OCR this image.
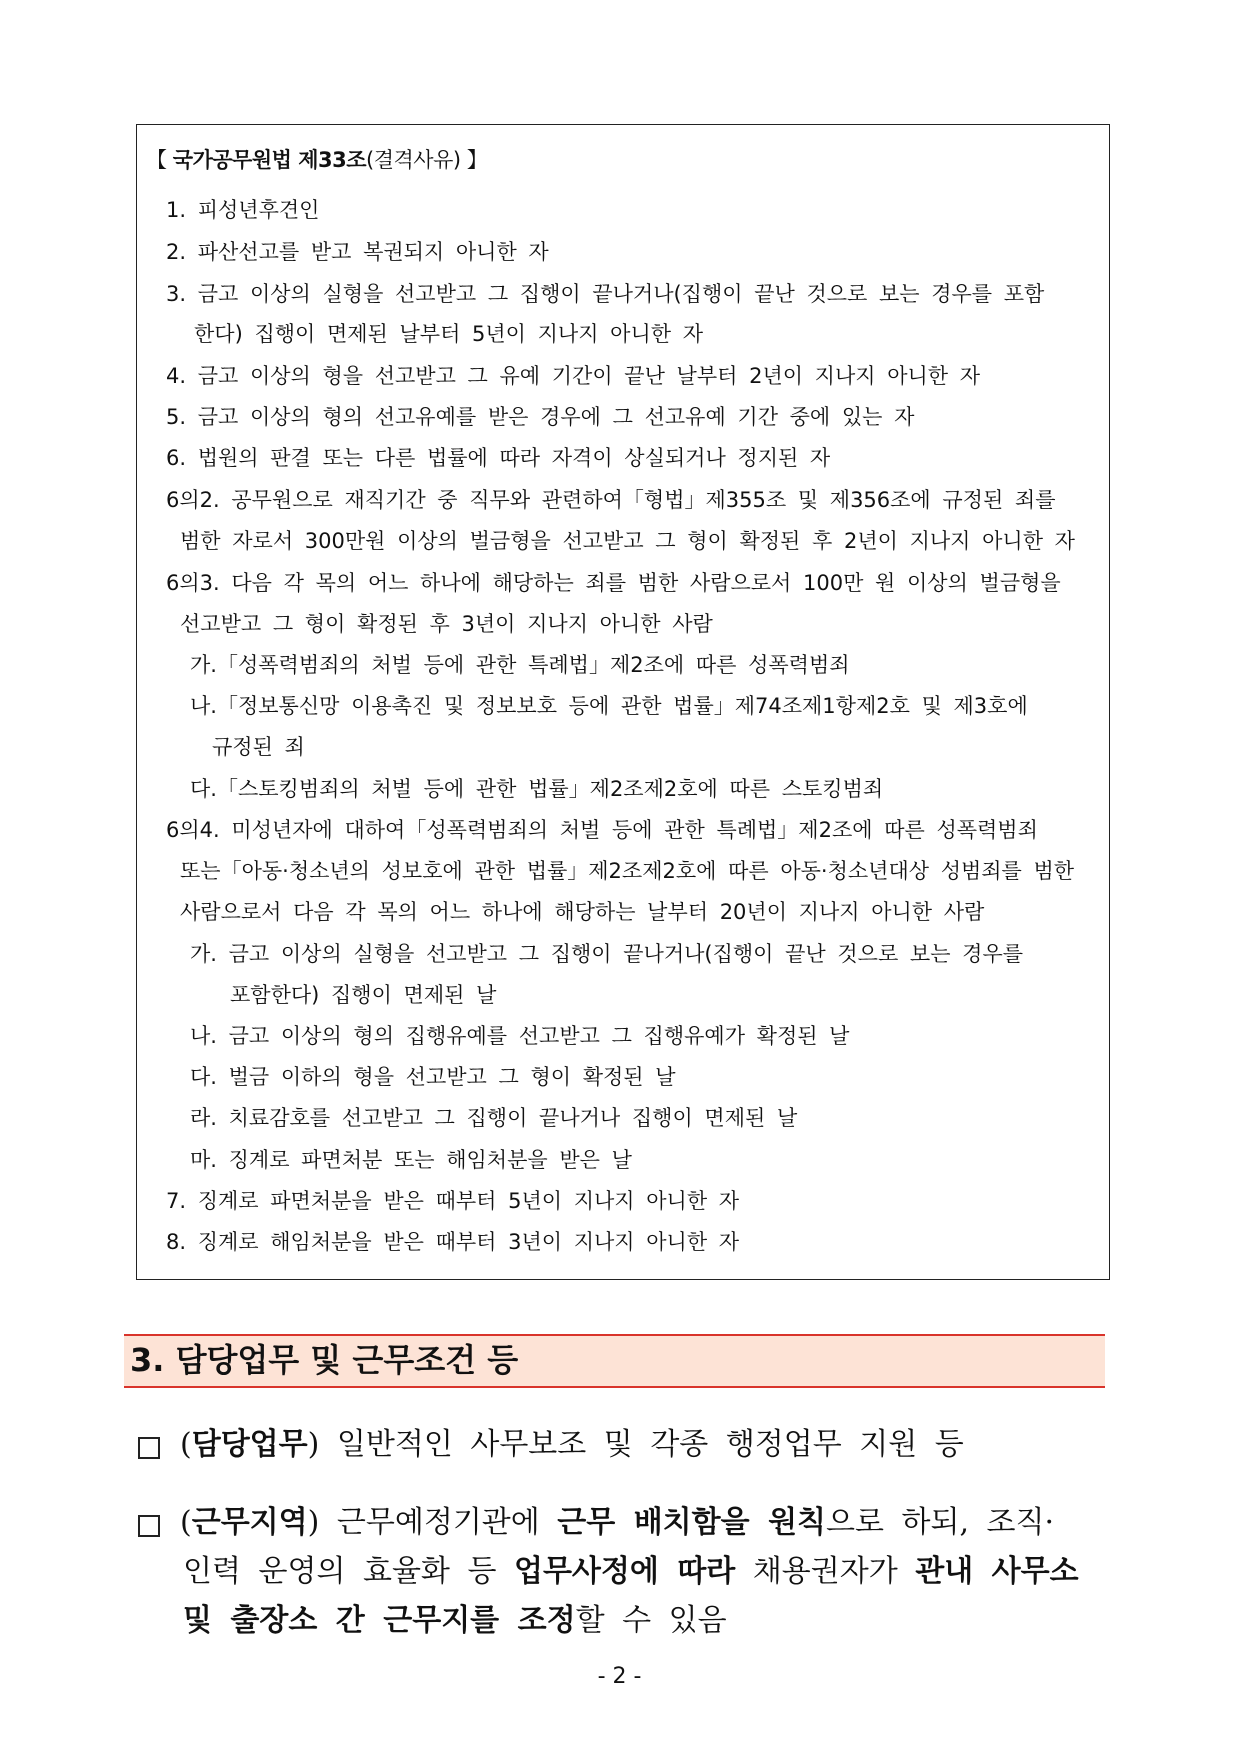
【 국가공무원법 제33조(결격사유) 】
1. 피성년후견인
2. 파산선고를 받고 복권되지 아니한 자
3. 금고 이상의 실형을 선고받고 그 집행이 끝나거나(집행이 끝난 것으로 보는 경우를 포함
한다) 집행이 면제된 날부터 5년이 지나지 아니한 자
4. 금고 이상의 형을 선고받고 그 유예 기간이 끝난 날부터 2년이 지나지 아니한 자
5. 금고 이상의 형의 선고유예를 받은 경우에 그 선고유예 기간 중에 있는 자
6. 법원의 판결 또는 다른 법률에 따라 자격이 상실되거나 정지된 자
6의2. 공무원으로 재직기간 중 직무와 관련하여「형법」제355조 및 제356조에 규정된 죄를
범한 자로서 300만원 이상의 벌금형을 선고받고 그 형이 확정된 후 2년이 지나지 아니한 자
6의3. 다음 각 목의 어느 하나에 해당하는 죄를 범한 사람으로서 100만 원 이상의 벌금형을
선고받고 그 형이 확정된 후 3년이 지나지 아니한 사람
가.「성폭력범죄의 처벌 등에 관한 특례법」제2조에 따른 성폭력범죄
나.「정보통신망 이용촉진 및 정보보호 등에 관한 법률」제74조제1항제2호 및 제3호에
규정된 죄
다.「스토킹범죄의 처벌 등에 관한 법률」제2조제2호에 따른 스토킹범죄
6의4. 미성년자에 대하여「성폭력범죄의 처벌 등에 관한 특례법」제2조에 따른 성폭력범죄
또는「아동·청소년의 성보호에 관한 법률」제2조제2호에 따른 아동·청소년대상 성범죄를 범한
사람으로서 다음 각 목의 어느 하나에 해당하는 날부터 20년이 지나지 아니한 사람
가. 금고 이상의 실형을 선고받고 그 집행이 끝나거나(집행이 끝난 것으로 보는 경우를
포함한다) 집행이 면제된 날
나. 금고 이상의 형의 집행유예를 선고받고 그 집행유예가 확정된 날
다. 벌금 이하의 형을 선고받고 그 형이 확정된 날
라. 치료감호를 선고받고 그 집행이 끝나거나 집행이 면제된 날
마. 징계로 파면처분 또는 해임처분을 받은 날
7. 징계로 파면처분을 받은 때부터 5년이 지나지 아니한 자
8. 징계로 해임처분을 받은 때부터 3년이 지나지 아니한 자
3. 담당업무 및 근무조건 등
(담당업무) 일반적인 사무보조 및 각종 행정업무 지원 등
(근무지역) 근무예정기관에 근무 배치함을 원칙으로 하되, 조직·
인력 운영의 효율화 등 업무사정에 따라 채용권자가 관내 사무소
및 출장소 간 근무지를 조정할 수 있음
- 2 -
